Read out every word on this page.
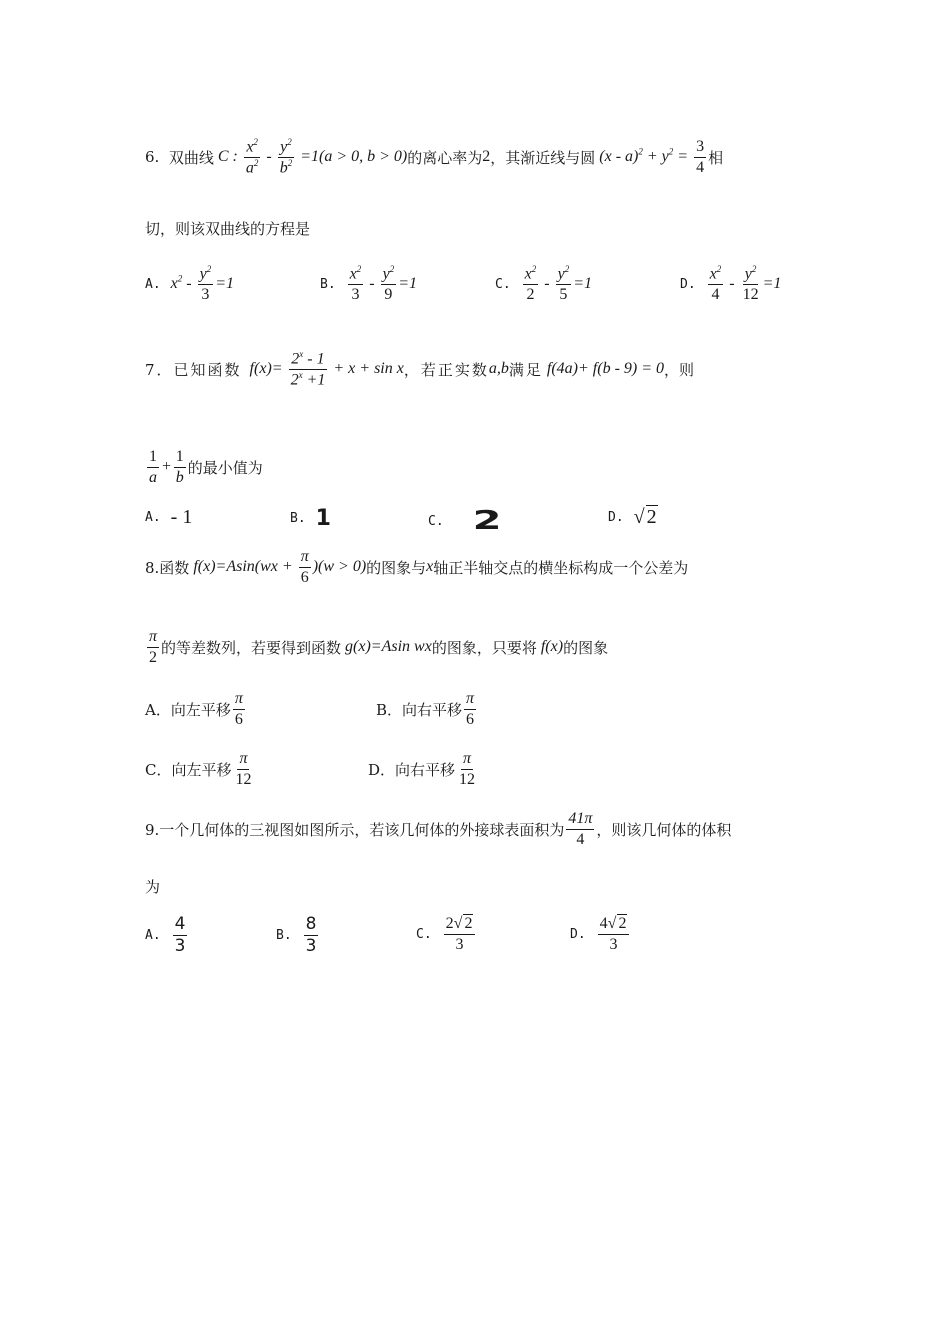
6.
双曲线 C : $\frac{x^2}{a^2} - \frac{y^2}{b^2} =1(a > 0$, b > 0) 的离心率为 2 ，其渐近线与圆 $(x - a)^2 + y^2 = \frac{3}{4}$ 相
切，则该双曲线的方程是
A. $x^2 - \frac{y^2}{3} =1$	B. $\frac{x^2}{3} - \frac{y^2}{9} =1$	C. $\frac{x^2}{2} - \frac{y^2}{5} =1$	D. $\frac{x^2}{4} - \frac{y^2}{12} =1$
7．已知函数 $f(x)= \frac{2^x - 1}{2^x +1} + x + \sin x$ ，若正实数 a,b 满足 f(4a)+ f(b - 9) = 0 ，则
$\frac{1}{a} + \frac{1}{b}$ 的最小值为
A. - 1	B. 1	C. 2	D. √ 2
8.函数 $f(x)=Asin(wx + \frac{\pi}{6} )(w > 0)$ 的图象与 x 轴正半轴交点的横坐标构成一个公差为
$\frac{\pi}{2}$ 的等差数列，若要得到函数 g(x)=Asin wx 的图象，只要将 f(x) 的图象
A．向左平移 $\frac{\pi}{6}$	B．向右平移 $\frac{\pi}{6}$
C．向左平移 $\frac{\pi}{12}$	D．向右平移 $\frac{\pi}{12}$
9.一个几何体的三视图如图所示，若该几何体的外接球表面积为 $\frac{41\pi}{4}$ ，则该几何体的体积
为
A. $\frac{4}{3}$	B. $\frac{8}{3}$	C. $\frac{2√ 2}{3}$	D. $\frac{4√ 2}{3}$
